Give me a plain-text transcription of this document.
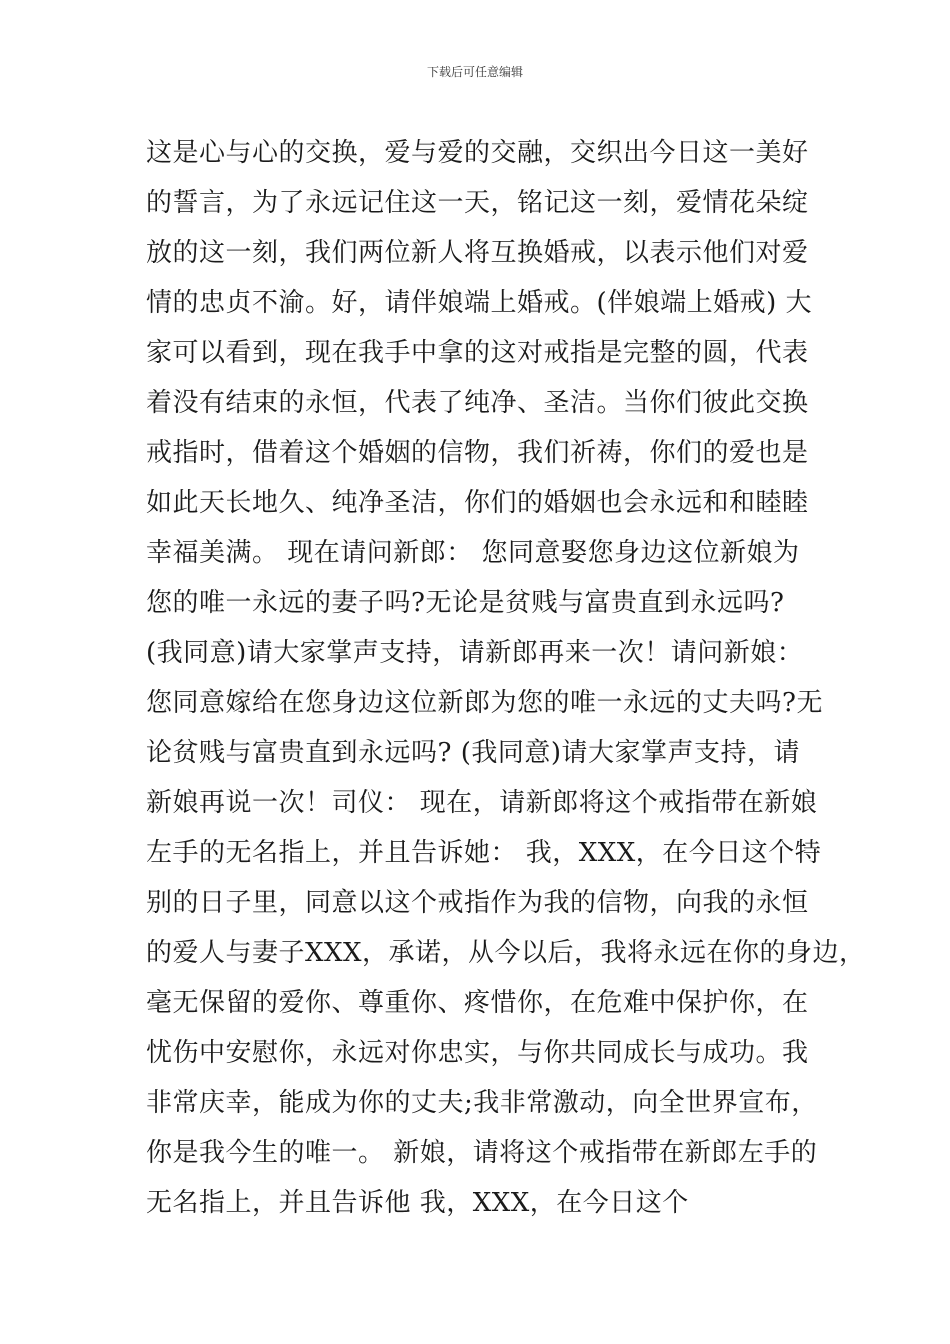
下载后可任意编辑
这是心与心的交换，爱与爱的交融，交织出今日这一美好
的誓言，为了永远记住这一天，铭记这一刻，爱情花朵绽
放的这一刻，我们两位新人将互换婚戒，以表示他们对爱
情的忠贞不渝。好，请伴娘端上婚戒。(伴娘端上婚戒) 大
家可以看到，现在我手中拿的这对戒指是完整的圆，代表
着没有结束的永恒，代表了纯净、圣洁。当你们彼此交换
戒指时，借着这个婚姻的信物，我们祈祷，你们的爱也是
如此天长地久、纯净圣洁，你们的婚姻也会永远和和睦睦
幸福美满。 现在请问新郎： 您同意娶您身边这位新娘为
您的唯一永远的妻子吗?无论是贫贱与富贵直到永远吗?
(我同意)请大家掌声支持，请新郎再来一次！请问新娘：
您同意嫁给在您身边这位新郎为您的唯一永远的丈夫吗?无
论贫贱与富贵直到永远吗? (我同意)请大家掌声支持，请
新娘再说一次！司仪： 现在，请新郎将这个戒指带在新娘
左手的无名指上，并且告诉她： 我，XXX，在今日这个特
别的日子里，同意以这个戒指作为我的信物，向我的永恒
的爱人与妻子XXX，承诺，从今以后，我将永远在你的身边，
毫无保留的爱你、尊重你、疼惜你，在危难中保护你，在
忧伤中安慰你，永远对你忠实，与你共同成长与成功。我
非常庆幸，能成为你的丈夫;我非常激动，向全世界宣布，
你是我今生的唯一。 新娘，请将这个戒指带在新郎左手的
无名指上，并且告诉他 我，XXX，在今日这个
